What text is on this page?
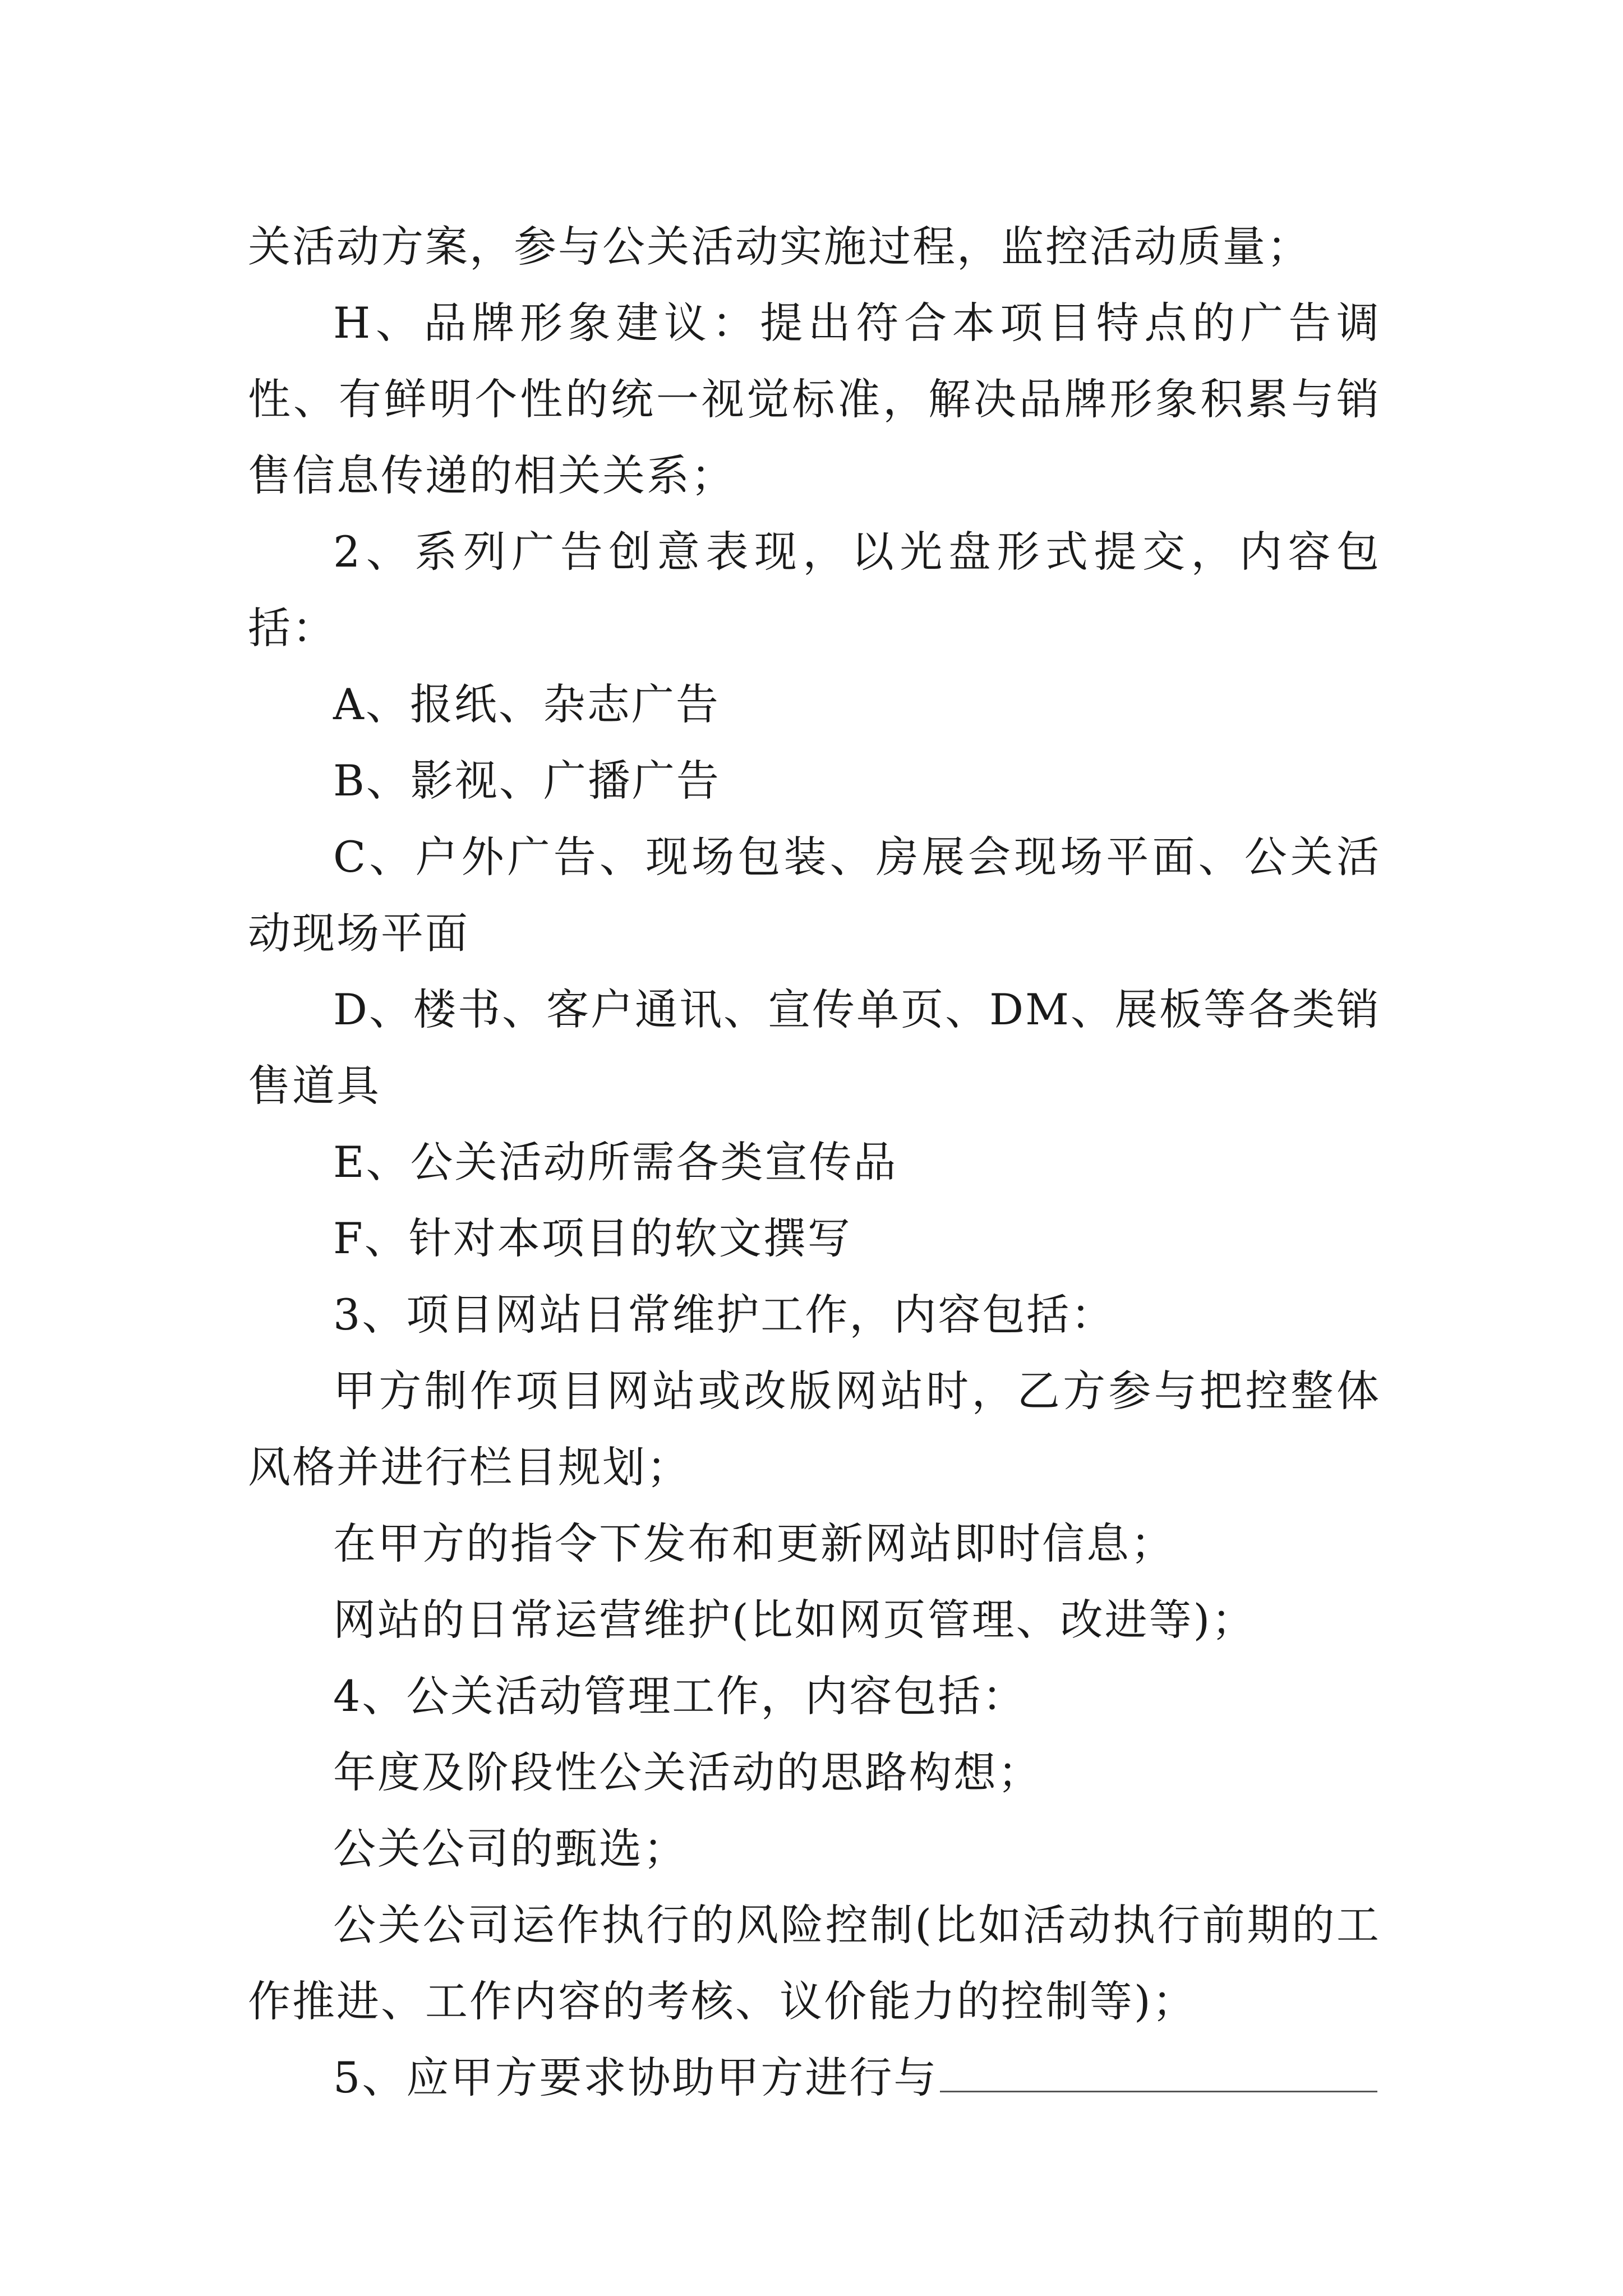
关活动方案，参与公关活动实施过程，监控活动质量；

H、品牌形象建议：提出符合本项目特点的广告调性、有鲜明个性的统一视觉标准，解决品牌形象积累与销售信息传递的相关关系；

2、系列广告创意表现，以光盘形式提交，内容包括：

A、报纸、杂志广告

B、影视、广播广告

C、户外广告、现场包装、房展会现场平面、公关活动现场平面

D、楼书、客户通讯、宣传单页、DM、展板等各类销售道具

E、公关活动所需各类宣传品

F、针对本项目的软文撰写

3、项目网站日常维护工作，内容包括：

甲方制作项目网站或改版网站时，乙方参与把控整体风格并进行栏目规划；

在甲方的指令下发布和更新网站即时信息；

网站的日常运营维护(比如网页管理、改进等)；

4、公关活动管理工作，内容包括：

年度及阶段性公关活动的思路构想；

公关公司的甄选；

公关公司运作执行的风险控制(比如活动执行前期的工作推进、工作内容的考核、议价能力的控制等)；

5、应甲方要求协助甲方进行与
